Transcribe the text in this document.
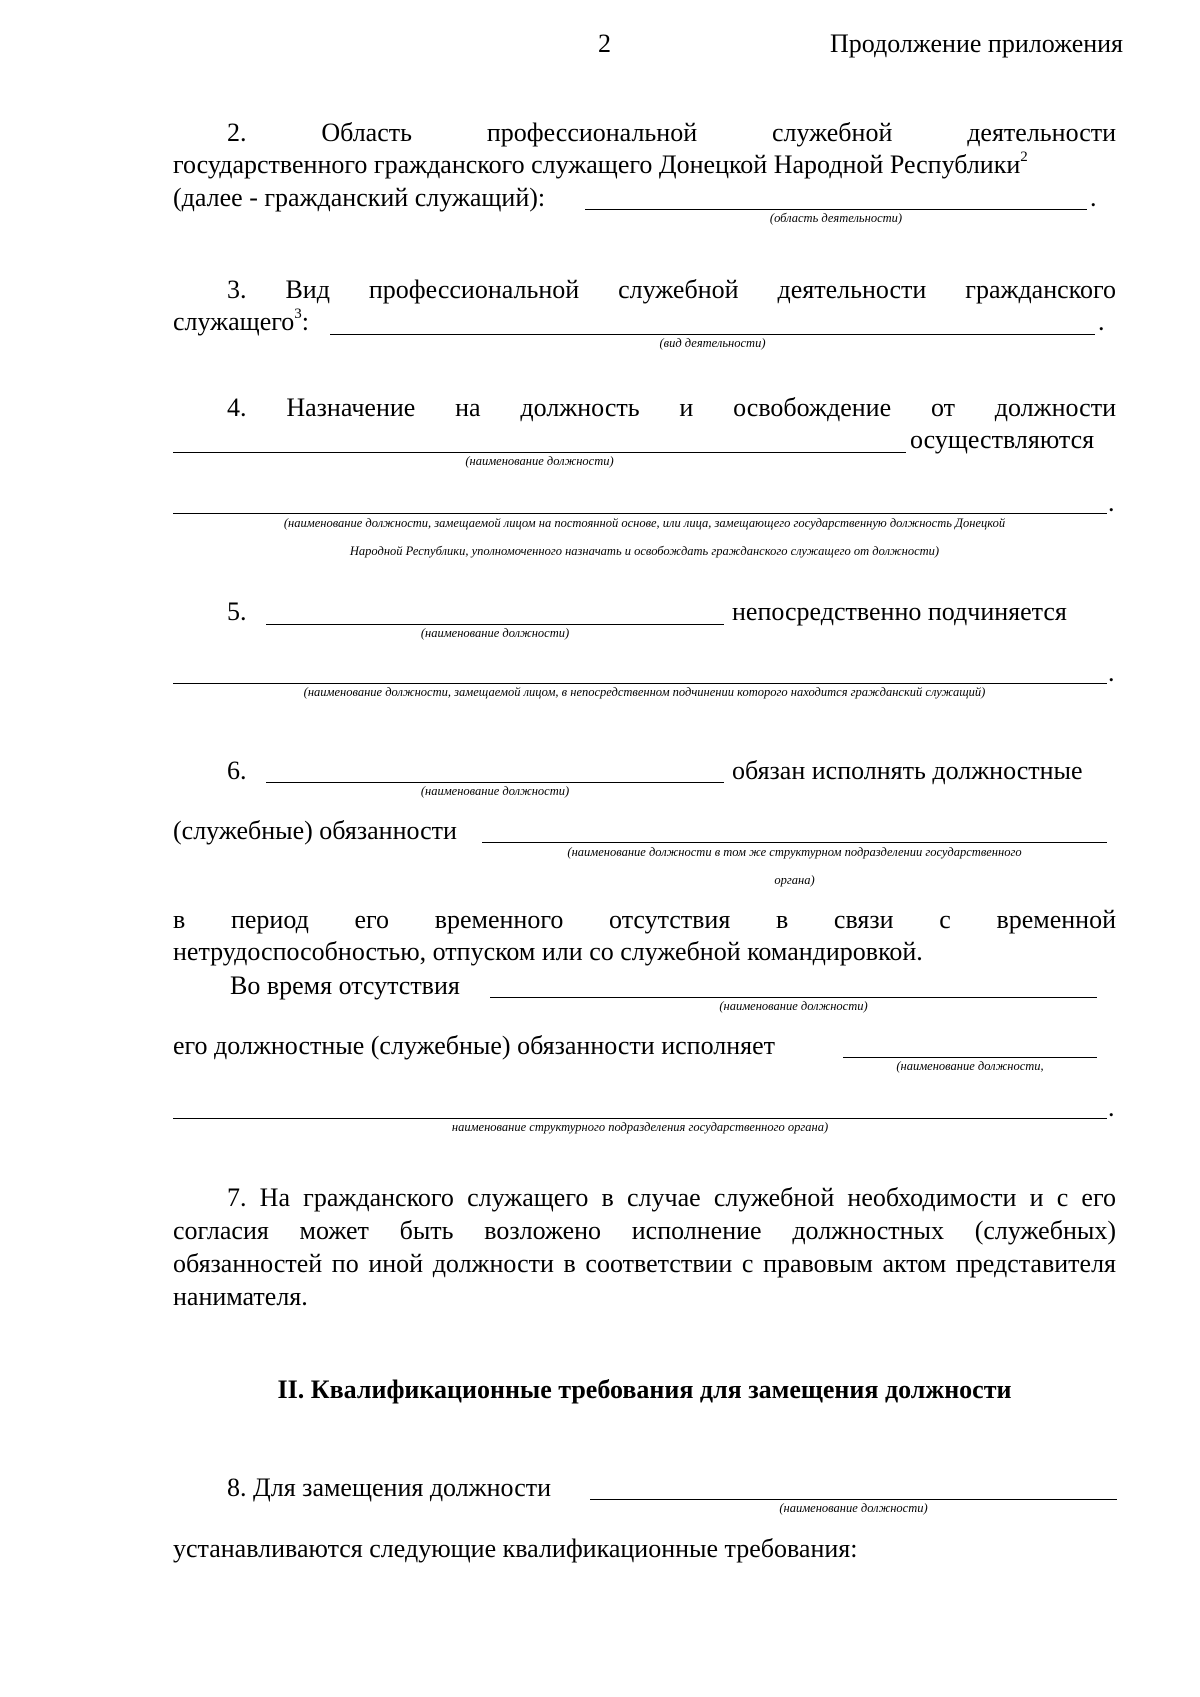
2	Продолжение приложения
2.	Область	профессиональной	служебной	деятельности
государственного гражданского служащего Донецкой Народной Республики$^2$
(далее - гражданский служащий):	.
(область деятельности)
3. Вид профессиональной служебной деятельности гражданского
служащего$^3$:	.
(вид деятельности)
4. Назначение на должность и освобождение от должности
осуществляются
(наименование должности)
.
(наименование должности, замещаемой лицом на постоянной основе, или лица, замещающего государственную должность Донецкой
Народной Республики, уполномоченного назначать и освобождать гражданского служащего от должности)
5.	непосредственно подчиняется
(наименование должности)
.
(наименование должности, замещаемой лицом, в непосредственном подчинении которого находится гражданский служащий)
6.	обязан исполнять должностные
(наименование должности)
(служебные) обязанности
(наименование должности в том же структурном подразделении государственного
органа)
в период его временного отсутствия в связи с временной
нетрудоспособностью, отпуском или со служебной командировкой.
Во время отсутствия
(наименование должности)
его должностные (служебные) обязанности исполняет
(наименование должности,
.
наименование структурного подразделения государственного органа)
7. На гражданского служащего в случае служебной необходимости и с его согласия может быть возложено исполнение должностных (служебных) обязанностей по иной должности в соответствии с правовым актом представителя нанимателя.
II. Квалификационные требования для замещения должности
8. Для замещения должности
(наименование должности)
устанавливаются следующие квалификационные требования:
